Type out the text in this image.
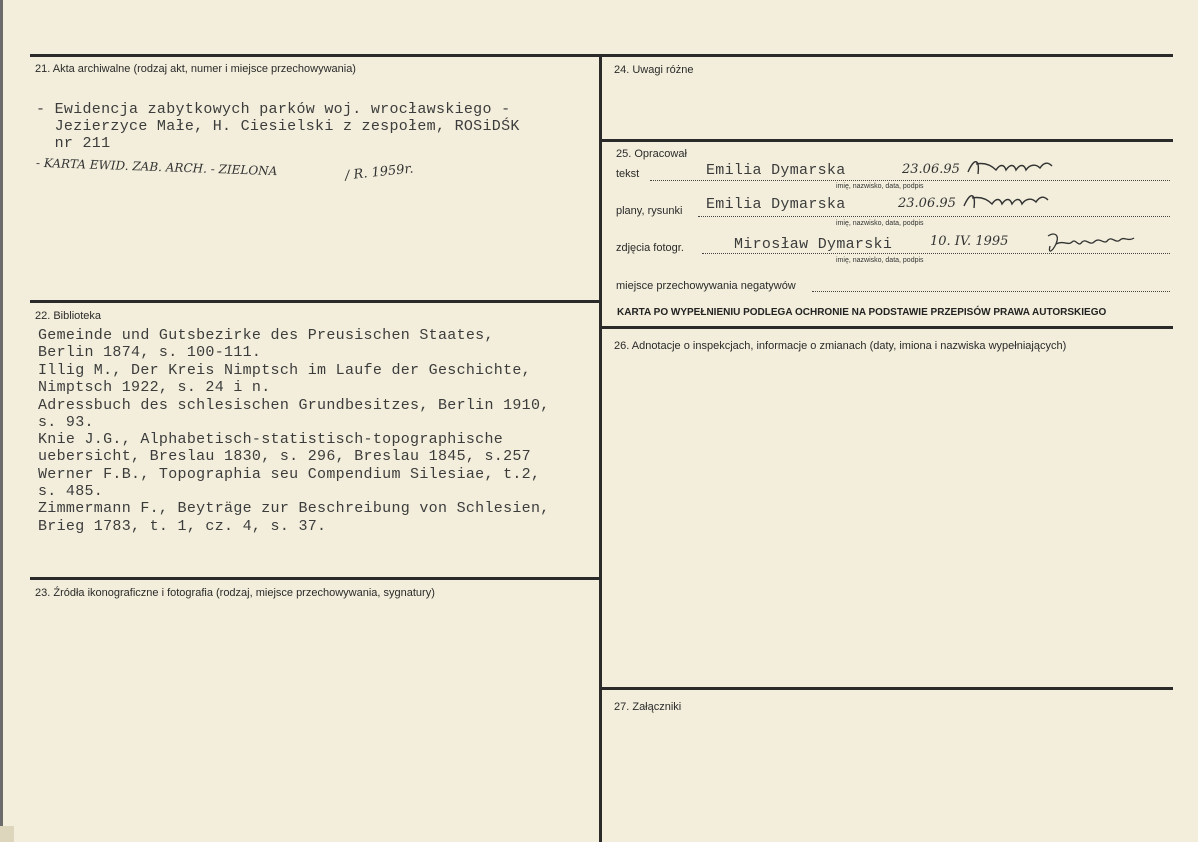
21. Akta archiwalne (rodzaj akt, numer i miejsce przechowywania)
- Ewidencja zabytkowych parków woj. wrocławskiego -
Jezierzyce Małe, H. Ciesielski z zespołem, ROSiDŚK
nr 211
- KARTA EWID. ZAB. ARCH. - ZIELONA	/ R. 1959r.
22. Biblioteka
Gemeinde und Gutsbezirke des Preusischen Staates,
Berlin 1874, s. 100-111.
Illig M., Der Kreis Nimptsch im Laufe der Geschichte,
Nimptsch 1922, s. 24 i n.
Adressbuch des schlesischen Grundbesitzes, Berlin 1910,
s. 93.
Knie J.G., Alphabetisch-statistisch-topographische
uebersicht, Breslau 1830, s. 296, Breslau 1845, s.257
Werner F.B., Topographia seu Compendium Silesiae, t.2,
s. 485.
Zimmermann F., Beyträge zur Beschreibung von Schlesien,
Brieg 1783, t. 1, cz. 4, s. 37.
23. Źródła ikonograficzne i fotografia (rodzaj, miejsce przechowywania, sygnatury)
24. Uwagi różne
25. Opracował
tekst	Emilia Dymarska	23.06.95
imię, nazwisko, data, podpis
plany, rysunki Emilia Dymarska	23.06.95
imię, nazwisko, data, podpis
zdjęcia fotogr.	Mirosław Dymarski	10. IV. 1995
imię, nazwisko, data, podpis
miejsce przechowywania negatywów
KARTA PO WYPEŁNIENIU PODLEGA OCHRONIE NA PODSTAWIE PRZEPISÓW PRAWA AUTORSKIEGO
26. Adnotacje o inspekcjach, informacje o zmianach (daty, imiona i nazwiska wypełniających)
27. Załączniki
